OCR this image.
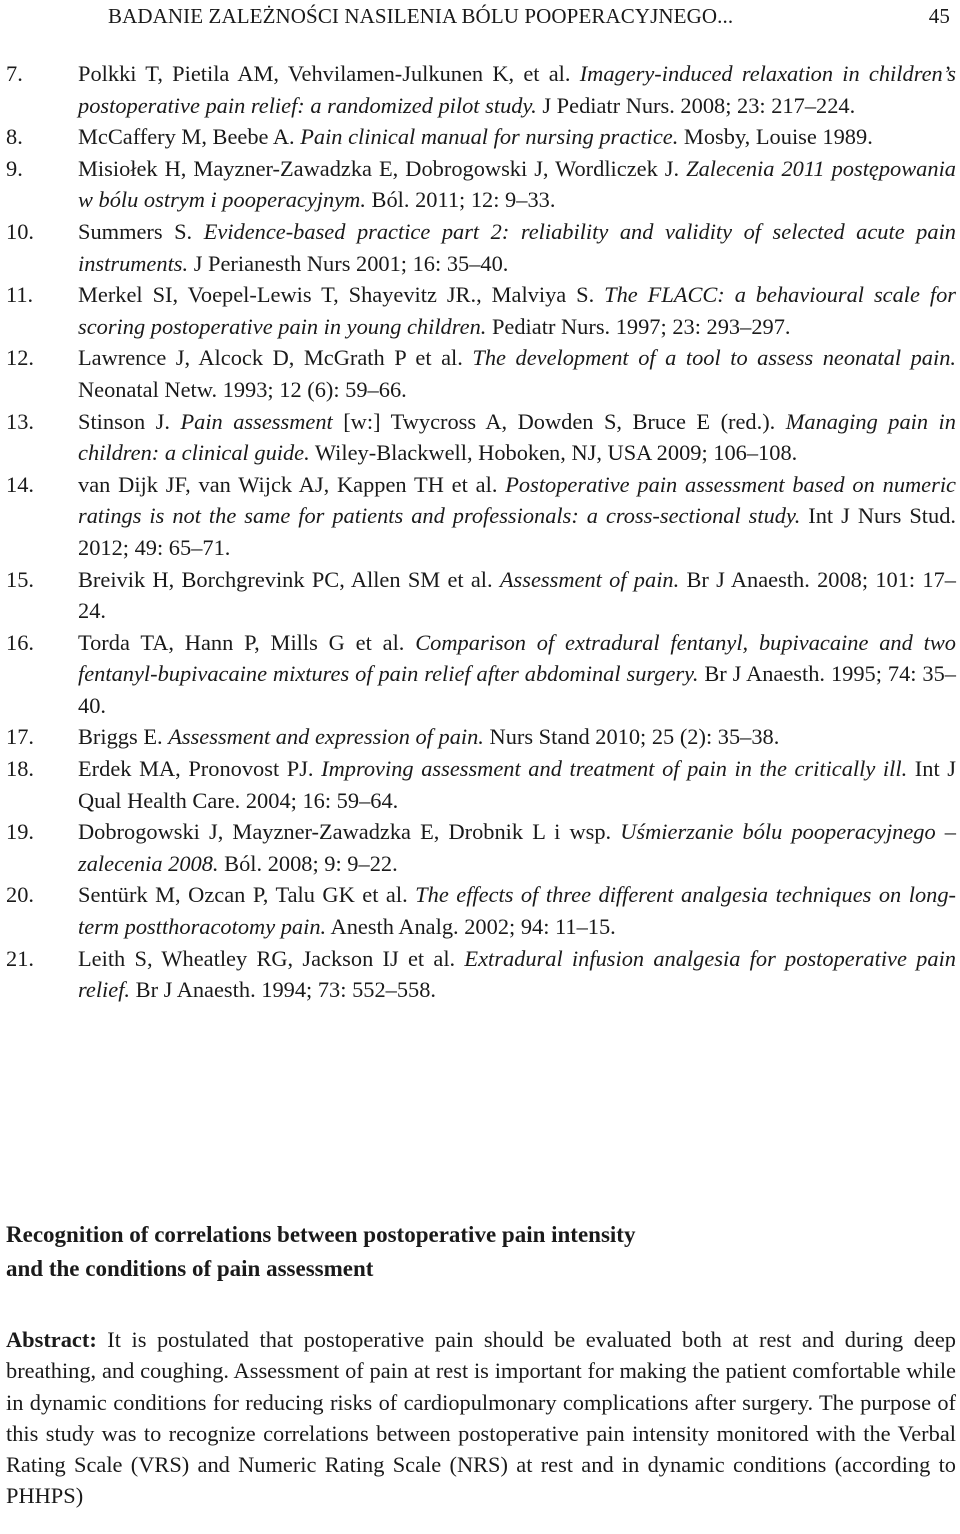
BADANIE ZALEŻNOŚCI NASILENIA BÓLU POOPERACYJNEGO...	45
7. Polkki T, Pietila AM, Vehvilamen-Julkunen K, et al. Imagery-induced relaxation in children’s postoperative pain relief: a randomized pilot study. J Pediatr Nurs. 2008; 23: 217–224.
8. McCaffery M, Beebe A. Pain clinical manual for nursing practice. Mosby, Louise 1989.
9. Misiołek H, Mayzner-Zawadzka E, Dobrogowski J, Wordliczek J. Zalecenia 2011 postępowania w bólu ostrym i pooperacyjnym. Ból. 2011; 12: 9–33.
10. Summers S. Evidence-based practice part 2: reliability and validity of selected acute pain instruments. J Perianesth Nurs 2001; 16: 35–40.
11. Merkel SI, Voepel-Lewis T, Shayevitz JR., Malviya S. The FLACC: a behavioural scale for scoring postoperative pain in young children. Pediatr Nurs. 1997; 23: 293–297.
12. Lawrence J, Alcock D, McGrath P et al. The development of a tool to assess neonatal pain. Neonatal Netw. 1993; 12 (6): 59–66.
13. Stinson J. Pain assessment [w:] Twycross A, Dowden S, Bruce E (red.). Managing pain in children: a clinical guide. Wiley-Blackwell, Hoboken, NJ, USA 2009; 106–108.
14. van Dijk JF, van Wijck AJ, Kappen TH et al. Postoperative pain assessment based on numeric ratings is not the same for patients and professionals: a cross-sectional study. Int J Nurs Stud. 2012; 49: 65–71.
15. Breivik H, Borchgrevink PC, Allen SM et al. Assessment of pain. Br J Anaesth. 2008; 101: 17–24.
16. Torda TA, Hann P, Mills G et al. Comparison of extradural fentanyl, bupivacaine and two fentanyl-bupivacaine mixtures of pain relief after abdominal surgery. Br J Anaesth. 1995; 74: 35–40.
17. Briggs E. Assessment and expression of pain. Nurs Stand 2010; 25 (2): 35–38.
18. Erdek MA, Pronovost PJ. Improving assessment and treatment of pain in the critically ill. Int J Qual Health Care. 2004; 16: 59–64.
19. Dobrogowski J, Mayzner-Zawadzka E, Drobnik L i wsp. Uśmierzanie bólu pooperacyjnego – zalecenia 2008. Ból. 2008; 9: 9–22.
20. Sentürk M, Ozcan P, Talu GK et al. The effects of three different analgesia techniques on long-term postthoracotomy pain. Anesth Analg. 2002; 94: 11–15.
21. Leith S, Wheatley RG, Jackson IJ et al. Extradural infusion analgesia for postoperative pain relief. Br J Anaesth. 1994; 73: 552–558.
Recognition of correlations between postoperative pain intensity
and the conditions of pain assessment

Abstract: It is postulated that postoperative pain should be evaluated both at rest and during deep breathing, and coughing. Assessment of pain at rest is important for making the patient comfortable while in dynamic conditions for reducing risks of cardiopulmonary complications after surgery. The purpose of this study was to recognize correlations between postoperative pain intensity monitored with the Verbal Rating Scale (VRS) and Numeric Rating Scale (NRS) at rest and in dynamic conditions (according to PHHPS)
